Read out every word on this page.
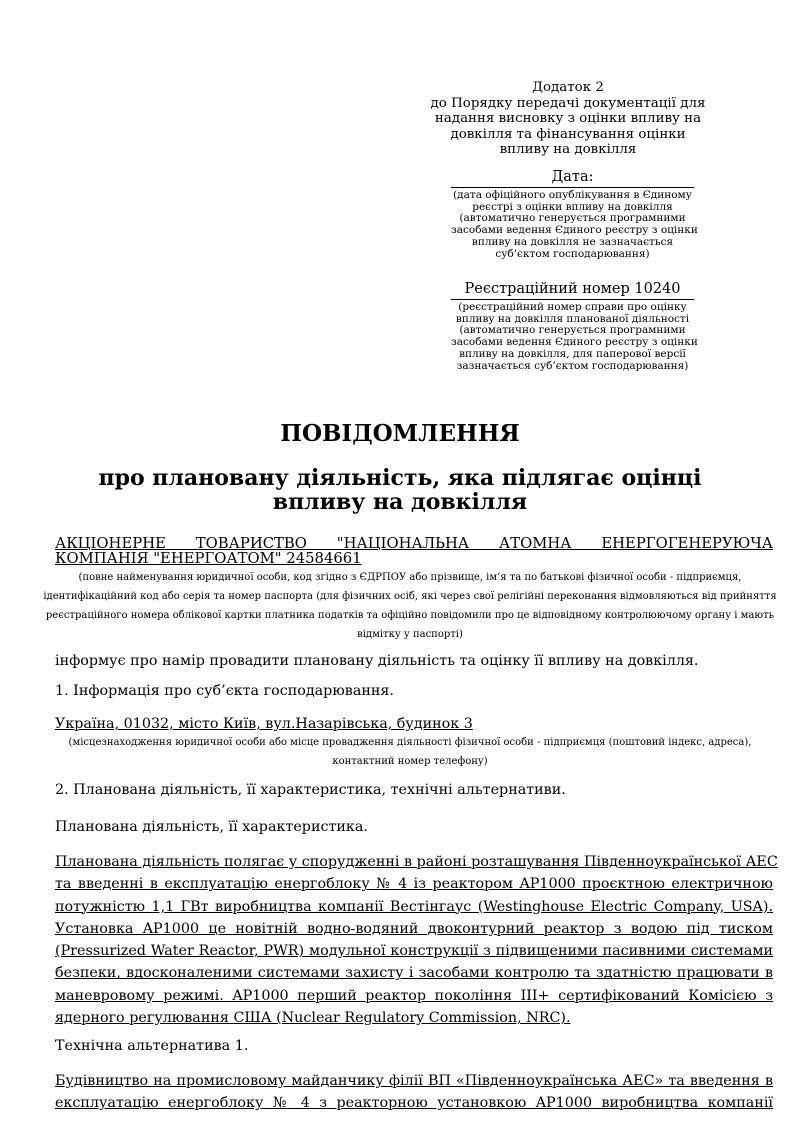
Додаток 2
до Порядку передачі документації для
надання висновку з оцінки впливу на
довкілля та фінансування оцінки
впливу на довкілля
Дата:
(дата офіційного опублікування в Єдиному
реєстрі з оцінки впливу на довкілля
(автоматично генерується програмними
засобами ведення Єдиного реєстру з оцінки
впливу на довкілля не зазначається
суб’єктом господарювання)
Реєстраційний номер 10240
(реєстраційний номер справи про оцінку
впливу на довкілля планованої діяльності
(автоматично генерується програмними
засобами ведення Єдиного реєстру з оцінки
впливу на довкілля, для паперової версії
зазначається суб’єктом господарювання)
ПОВІДОМЛЕННЯ
про плановану діяльність, яка підлягає оцінці
впливу на довкілля
АКЦІОНЕРНЕ ТОВАРИСТВО "НАЦІОНАЛЬНА АТОМНА ЕНЕРГОГЕНЕРУЮЧА
КОМПАНІЯ "ЕНЕРГОАТОМ" 24584661
(повне найменування юридичної особи, код згідно з ЄДРПОУ або прізвище, ім’я та по батькові фізичної особи - підприємця,
ідентифікаційний код або серія та номер паспорта (для фізичних осіб, які через свої релігійні переконання відмовляються від прийняття
реєстраційного номера облікової картки платника податків та офіційно повідомили про це відповідному контролюючому органу і мають
відмітку у паспорті)
інформує про намір провадити плановану діяльність та оцінку її впливу на довкілля.
1. Інформація про суб’єкта господарювання.
Україна, 01032, місто Київ, вул.Назарівська, будинок 3
(місцезнаходження юридичної особи або місце провадження діяльності фізичної особи - підприємця (поштовий індекс, адреса),
контактний номер телефону)
2. Планована діяльність, її характеристика, технічні альтернативи.
Планована діяльність, її характеристика.
Планована діяльність полягає у спорудженні в районі розташування Південноукраїнської АЕС
та введенні в експлуатацію енергоблоку № 4 із реактором AP1000 проєктною електричною
потужністю 1,1 ГВт виробництва компанії Вестінгаус (Westinghouse Electric Company, USA).
Установка AP1000 це новітній водно-водяний двоконтурний реактор з водою під тиском
(Pressurized Water Reactor, PWR) модульної конструкції з підвищеними пасивними системами
безпеки, вдосконаленими системами захисту і засобами контролю та здатністю працювати в
маневровому режимі. AP1000 перший реактор покоління III+ сертифікований Комісією з
ядерного регулювання США (Nuclear Regulatory Commission, NRC).
Технічна альтернатива 1.
Будівництво на промисловому майданчику філії ВП «Південноукраїнська АЕС» та введення в
експлуатацію енергоблоку № 4 з реакторною установкою AP1000 виробництва компанії
